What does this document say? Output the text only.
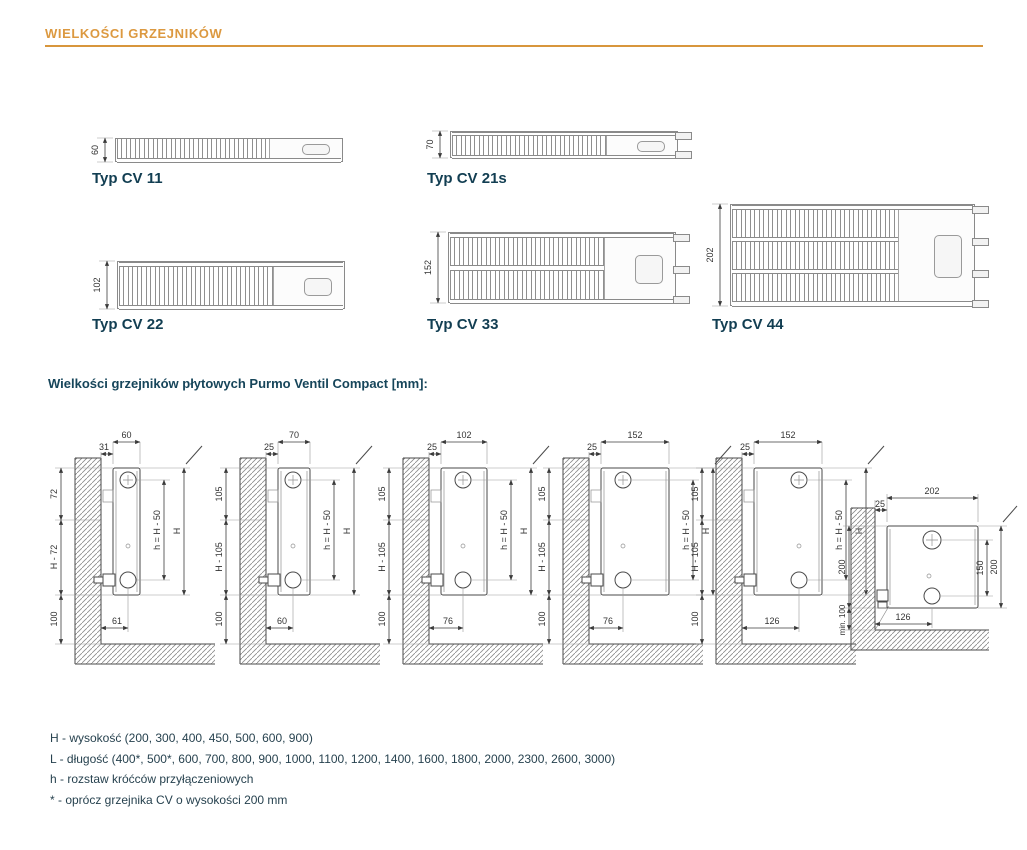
WIELKOŚCI GRZEJNIKÓW
60
Typ CV 11
70
Typ CV 21s
102
Typ CV 22
152
Typ CV 33
202
Typ CV 44
Wielkości grzejników płytowych Purmo Ventil Compact [mm]:
60
31
72
H - 72
100
h = H - 50 H
61
70
25
105
H - 105
100
h = H - 50 H
60
102
25
105
H - 105
100
h = H - 50 H
76
152
25
105
H - 105
100
h = H - 50 H
76
152
25
105
H - 105
100
h = H - 50
126
202
25
200
min. 100
150 200
126
H - wysokość (200, 300, 400, 450, 500, 600, 900)
L - długość (400*, 500*, 600, 700, 800, 900, 1000, 1100, 1200, 1400, 1600, 1800, 2000, 2300, 2600, 3000)
h - rozstaw króćców przyłączeniowych
* - oprócz grzejnika CV o wysokości 200 mm
